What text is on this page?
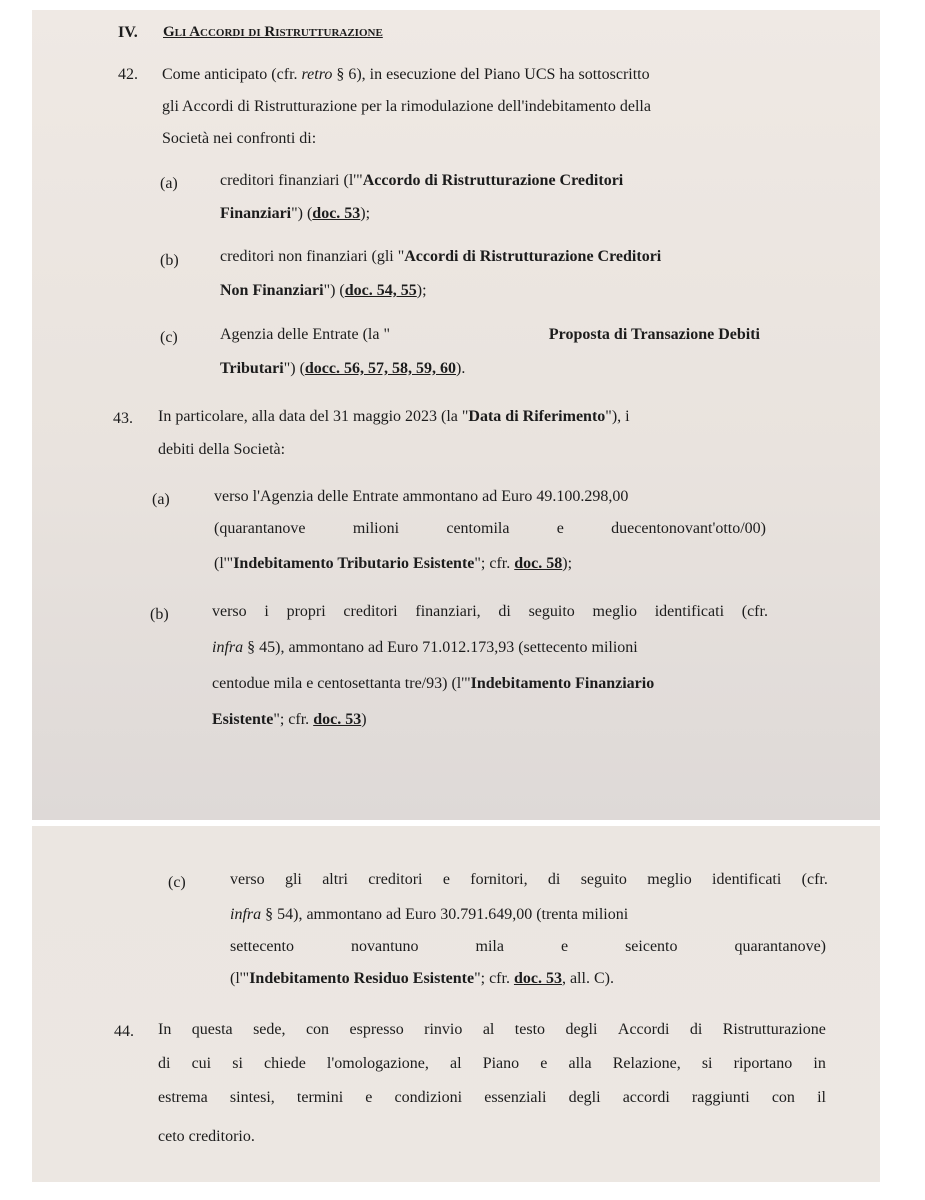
IV. Gli Accordi di Ristrutturazione
42. Come anticipato (cfr. retro § 6), in esecuzione del Piano UCS ha sottoscritto
gli Accordi di Ristrutturazione per la rimodulazione dell'indebitamento della
Società nei confronti di:
(a)	creditori finanziari (l'"Accordo di Ristrutturazione Creditori
Finanziari") (doc. 53);
(b)	creditori non finanziari (gli "Accordi di Ristrutturazione Creditori
Non Finanziari") (doc. 54, 55);
(c)	Agenzia delle Entrate (la "	Proposta di Transazione Debiti
Tributari") (docc. 56, 57, 58, 59, 60).
43. In particolare, alla data del 31 maggio 2023 (la "Data di Riferimento"), i
debiti della Società:
(a)	verso l'Agenzia delle Entrate ammontano ad Euro 49.100.298,00
(quarantanove	milioni	centomila	e	duecentonovant'otto/00)
(l'"Indebitamento Tributario Esistente"; cfr. doc. 58);
(b)	verso i propri creditori finanziari, di seguito meglio identificati (cfr.
infra § 45), ammontano ad Euro 71.012.173,93 (settecento milioni
centodue mila e centosettanta tre/93) (l'"Indebitamento Finanziario
Esistente"; cfr. doc. 53)
(c)	verso gli altri creditori e fornitori, di seguito meglio identificati (cfr.
infra § 54), ammontano ad Euro 30.791.649,00 (trenta milioni
settecento	novantuno	mila	e	seicento	quarantanove)
(l'"Indebitamento Residuo Esistente"; cfr. doc. 53, all. C).
44. In questa sede, con espresso rinvio al testo degli Accordi di Ristrutturazione
di cui si chiede l'omologazione, al Piano e alla Relazione, si riportano in
estrema sintesi, termini e condizioni essenziali degli accordi raggiunti con il
ceto creditorio.
